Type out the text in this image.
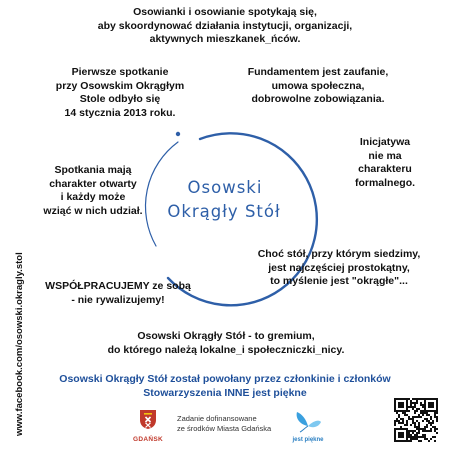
Osowski
Okrągły Stół

Osowianki i osowianie spotykają się,
aby skoordynować działania instytucji, organizacji,
aktywnych mieszkanek_ńców.

Pierwsze spotkanie
przy Osowskim Okrągłym
Stole odbyło się
14 stycznia 2013 roku.

Fundamentem jest zaufanie,
umowa społeczna,
dobrowolne zobowiązania.

Inicjatywa
nie ma
charakteru
formalnego.

Spotkania mają
charakter otwarty
i każdy może
wziąć w nich udział.

Choć stół, przy którym siedzimy,
jest najczęściej prostokątny,
to myślenie jest "okrągłe"...

WSPÓŁPRACUJEMY ze sobą
- nie rywalizujemy!

Osowski Okrągły Stół - to gremium,
do którego należą lokalne_i społeczniczki_nicy.

Osowski Okrągły Stół został powołany przez członkinie i członków
Stowarzyszenia INNE jest piękne

www.facebook.com/osowski.okragly.stol
GDAŃSK
Zadanie dofinansowane
ze środków Miasta Gdańska
jest piękne
